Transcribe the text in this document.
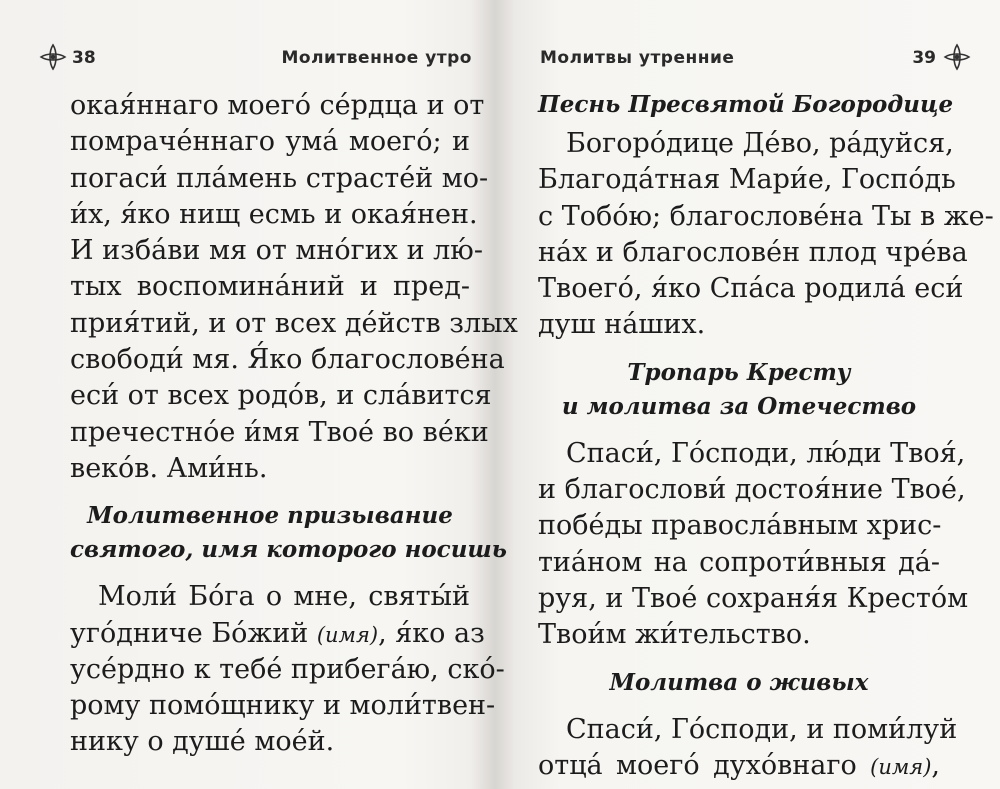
38	Молитвенное утро
окая́ннаго моего́ се́рдца и от
помраче́ннаго ума́ моего́; и
погаси́ пла́мень страсте́й мо-
и́х, я́ко нищ есмь и окая́нен.
И изба́ви мя от мно́гих и лю́-
тых воспомина́ний и пред-
прия́тий, и от всех де́йств злых
свободи́ мя. Я́ко благослове́на
еси́ от всех родо́в, и сла́вится
пречестно́е и́мя Твое́ во ве́ки
веко́в. Ами́нь.
Молитвенное призывание
святого, имя которого носишь
Моли́ Бо́га о мне, святы́й
уго́дниче Бо́жий (имя), я́ко аз
усе́рдно к тебе́ прибега́ю, ско́-
рому помо́щнику и моли́твен-
нику о душе́ мое́й.
Молитвы утренние	39
Песнь Пресвятой Богородице
Богоро́дице Де́во, ра́дуйся,
Благода́тная Мари́е, Госпо́дь
с Тобо́ю; благослове́на Ты в же-
на́х и благослове́н плод чре́ва
Твоего́, я́ко Спа́са родила́ еси́
душ на́ших.
Тропарь Кресту
и молитва за Отечество
Спаси́, Го́споди, лю́ди Твоя́,
и благослови́ достоя́ние Твое́,
побе́ды правосла́вным хрис-
тиа́ном на сопроти́вныя да́-
руя, и Твое́ сохраня́я Кресто́м
Твои́м жи́тельство.
Молитва о живых
Спаси́, Го́споди, и поми́луй
отца́ моего́ духо́внаго (имя),
